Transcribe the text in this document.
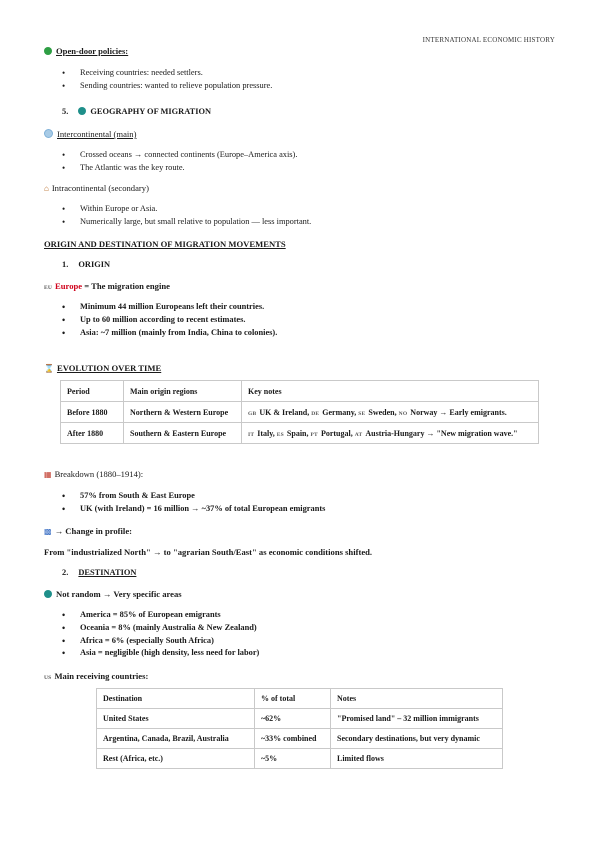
INTERNATIONAL ECONOMIC HISTORY
Open-door policies:
• Receiving countries: needed settlers.
• Sending countries: wanted to relieve population pressure.
5.	GEOGRAPHY OF MIGRATION
Intercontinental (main)
• Crossed oceans → connected continents (Europe–America axis).
• The Atlantic was the key route.
⌂ Intracontinental (secondary)
• Within Europe or Asia.
• Numerically large, but small relative to population — less important.
ORIGIN AND DESTINATION OF MIGRATION MOVEMENTS
1. ORIGIN
EU Europe = The migration engine
• Minimum 44 million Europeans left their countries.
• Up to 60 million according to recent estimates.
• Asia: ~7 million (mainly from India, China to colonies).
⌛ EVOLUTION OVER TIME
Period	Main origin regions	Key notes
Before 1880	Northern & Western Europe	GB UK & Ireland, DE Germany, SE Sweden, NO Norway → Early emigrants.
After 1880	Southern & Eastern Europe	IT Italy, ES Spain, PT Portugal, AT Austria-Hungary → "New migration wave."
▦ Breakdown (1880–1914):
• 57% from South & East Europe
• UK (with Ireland) = 16 million → ~37% of total European emigrants
▩ → Change in profile:
From "industrialized North" → to "agrarian South/East" as economic conditions shifted.
2. DESTINATION
Not random → Very specific areas
• America = 85% of European emigrants
• Oceania = 8% (mainly Australia & New Zealand)
• Africa = 6% (especially South Africa)
• Asia = negligible (high density, less need for labor)
US Main receiving countries:
Destination	% of total	Notes
United States	~62%	"Promised land" – 32 million immigrants
Argentina, Canada, Brazil, Australia	~33% combined	Secondary destinations, but very dynamic
Rest (Africa, etc.)	~5%	Limited flows
